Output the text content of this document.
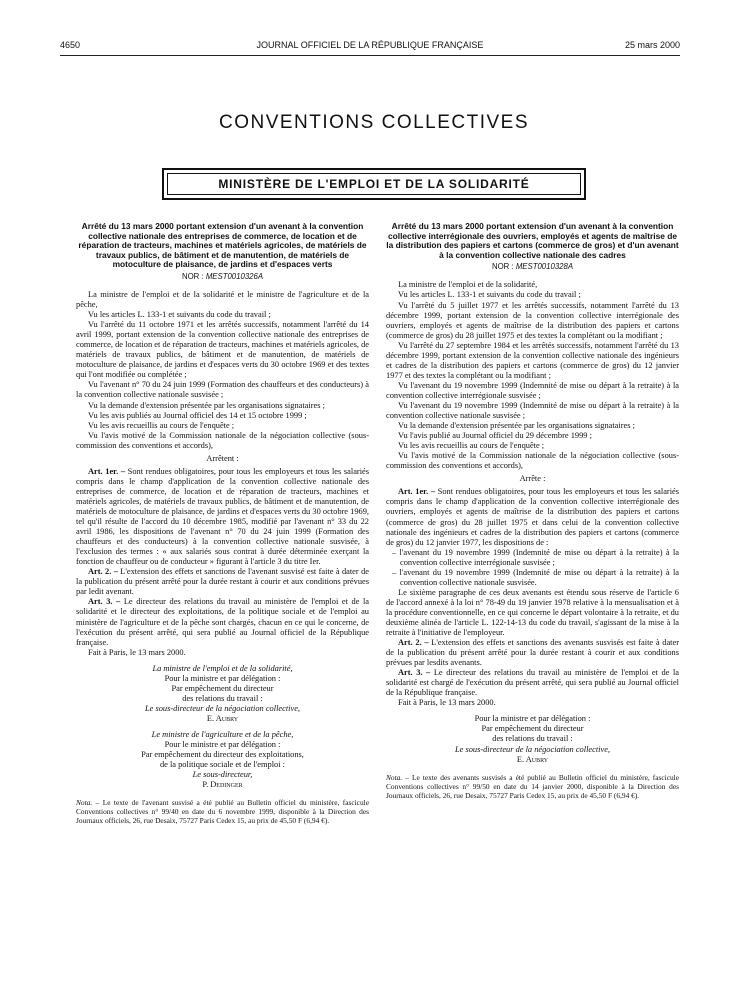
4650	JOURNAL OFFICIEL DE LA RÉPUBLIQUE FRANÇAISE	25 mars 2000
CONVENTIONS COLLECTIVES
MINISTÈRE DE L'EMPLOI ET DE LA SOLIDARITÉ
Arrêté du 13 mars 2000 portant extension d'un avenant à la convention collective nationale des entreprises de commerce, de location et de réparation de tracteurs, machines et matériels agricoles, de matériels de travaux publics, de bâtiment et de manutention, de matériels de motoculture de plaisance, de jardins et d'espaces verts
NOR : MESТ0010326A

La ministre de l'emploi et de la solidarité et le ministre de l'agriculture et de la pêche,

Vu les articles L. 133-1 et suivants du code du travail ;

Vu l'arrêté du 11 octobre 1971 et les arrêtés successifs, notamment l'arrêté du 14 avril 1999, portant extension de la convention collective nationale des entreprises de commerce, de location et de réparation de tracteurs, machines et matériels agricoles, de matériels de travaux publics, de bâtiment et de manutention, de matériels de motoculture de plaisance, de jardins et d'espaces verts du 30 octobre 1969 et des textes qui l'ont modifiée ou complétée ;

Vu l'avenant n° 70 du 24 juin 1999 (Formation des chauffeurs et des conducteurs) à la convention collective nationale susvisée ;

Vu la demande d'extension présentée par les organisations signataires ;

Vu les avis publiés au Journal officiel des 14 et 15 octobre 1999 ;

Vu les avis recueillis au cours de l'enquête ;

Vu l'avis motivé de la Commission nationale de la négociation collective (sous-commission des conventions et accords),

Arrêtent :

Art. 1er. – Sont rendues obligatoires, pour tous les employeurs et tous les salariés compris dans le champ d'application de la convention collective nationale des entreprises de commerce, de location et de réparation de tracteurs, machines et matériels agricoles, de matériels de travaux publics, de bâtiment et de manutention, de matériels de motoculture de plaisance, de jardins et d'espaces verts du 30 octobre 1969, tel qu'il résulte de l'accord du 10 décembre 1985, modifié par l'avenant n° 33 du 22 avril 1986, les dispositions de l'avenant n° 70 du 24 juin 1999 (Formation des chauffeurs et des conducteurs) à la convention collective nationale susvisée, à l'exclusion des termes : « aux salariés sous contrat à durée déterminée exerçant la fonction de chauffeur ou de conducteur » figurant à l'article 3 du titre Ier.

Art. 2. – L'extension des effets et sanctions de l'avenant susvisé est faite à dater de la publication du présent arrêté pour la durée restant à courir et aux conditions prévues par ledit avenant.

Art. 3. – Le directeur des relations du travail au ministère de l'emploi et de la solidarité et le directeur des exploitations, de la politique sociale et de l'emploi au ministère de l'agriculture et de la pêche sont chargés, chacun en ce qui le concerne, de l'exécution du présent arrêté, qui sera publié au Journal officiel de la République française.

Fait à Paris, le 13 mars 2000.

La ministre de l'emploi et de la solidarité,

Pour la ministre et par délégation :

Par empêchement du directeur

des relations du travail :

Le sous-directeur de la négociation collective,

E. Aubry

Le ministre de l'agriculture et de la pêche,

Pour le ministre et par délégation :

Par empêchement du directeur des exploitations,

de la politique sociale et de l'emploi :

Le sous-directeur,

P. Dedinger

Nota. – Le texte de l'avenant susvisé a été publié au Bulletin officiel du ministère, fascicule Conventions collectives n° 99/40 en date du 6 novembre 1999, disponible à la Direction des Journaux officiels, 26, rue Desaix, 75727 Paris Cedex 15, au prix de 45,50 F (6,94 €).
Arrêté du 13 mars 2000 portant extension d'un avenant à la convention collective interrégionale des ouvriers, employés et agents de maîtrise de la distribution des papiers et cartons (commerce de gros) et d'un avenant à la convention collective nationale des cadres
NOR : MESТ0010328A

La ministre de l'emploi et de la solidarité,

Vu les articles L. 133-1 et suivants du code du travail ;

Vu l'arrêté du 5 juillet 1977 et les arrêtés successifs, notamment l'arrêté du 13 décembre 1999, portant extension de la convention collective interrégionale des ouvriers, employés et agents de maîtrise de la distribution des papiers et cartons (commerce de gros) du 28 juillet 1975 et des textes la complétant ou la modifiant ;

Vu l'arrêté du 27 septembre 1984 et les arrêtés successifs, notamment l'arrêté du 13 décembre 1999, portant extension de la convention collective nationale des ingénieurs et cadres de la distribution des papiers et cartons (commerce de gros) du 12 janvier 1977 et des textes la complétant ou la modifiant ;

Vu l'avenant du 19 novembre 1999 (Indemnité de mise ou départ à la retraite) à la convention collective interrégionale susvisée ;

Vu l'avenant du 19 novembre 1999 (Indemnité de mise ou départ à la retraite) à la convention collective nationale susvisée ;

Vu la demande d'extension présentée par les organisations signataires ;

Vu l'avis publié au Journal officiel du 29 décembre 1999 ;

Vu les avis recueillis au cours de l'enquête ;

Vu l'avis motivé de la Commission nationale de la négociation collective (sous-commission des conventions et accords),

Arrête :

Art. 1er. – Sont rendues obligatoires, pour tous les employeurs et tous les salariés compris dans le champ d'application de la convention collective interrégionale des ouvriers, employés et agents de maîtrise de la distribution des papiers et cartons (commerce de gros) du 28 juillet 1975 et dans celui de la convention collective nationale des ingénieurs et cadres de la distribution des papiers et cartons (commerce de gros) du 12 janvier 1977, les dispositions de :

– l'avenant du 19 novembre 1999 (Indemnité de mise ou départ à la retraite) à la convention collective interrégionale susvisée ;

– l'avenant du 19 novembre 1999 (Indemnité de mise ou départ à la retraite) à la convention collective nationale susvisée.

Le sixième paragraphe de ces deux avenants est étendu sous réserve de l'article 6 de l'accord annexé à la loi n° 78-49 du 19 janvier 1978 relative à la mensualisation et à la procédure conventionnelle, en ce qui concerne le départ volontaire à la retraite, et du deuxième alinéa de l'article L. 122-14-13 du code du travail, s'agissant de la mise à la retraite à l'initiative de l'employeur.

Art. 2. – L'extension des effets et sanctions des avenants susvisés est faite à dater de la publication du présent arrêté pour la durée restant à courir et aux conditions prévues par lesdits avenants.

Art. 3. – Le directeur des relations du travail au ministère de l'emploi et de la solidarité est chargé de l'exécution du présent arrêté, qui sera publié au Journal officiel de la République française.

Fait à Paris, le 13 mars 2000.

Pour la ministre et par délégation :

Par empêchement du directeur

des relations du travail :

Le sous-directeur de la négociation collective,

E. Aubry

Nota. – Le texte des avenants susvisés a été publié au Bulletin officiel du ministère, fascicule Conventions collectives n° 99/50 en date du 14 janvier 2000, disponible à la Direction des Journaux officiels, 26, rue Desaix, 75727 Paris Cedex 15, au prix de 45,50 F (6,94 €).
